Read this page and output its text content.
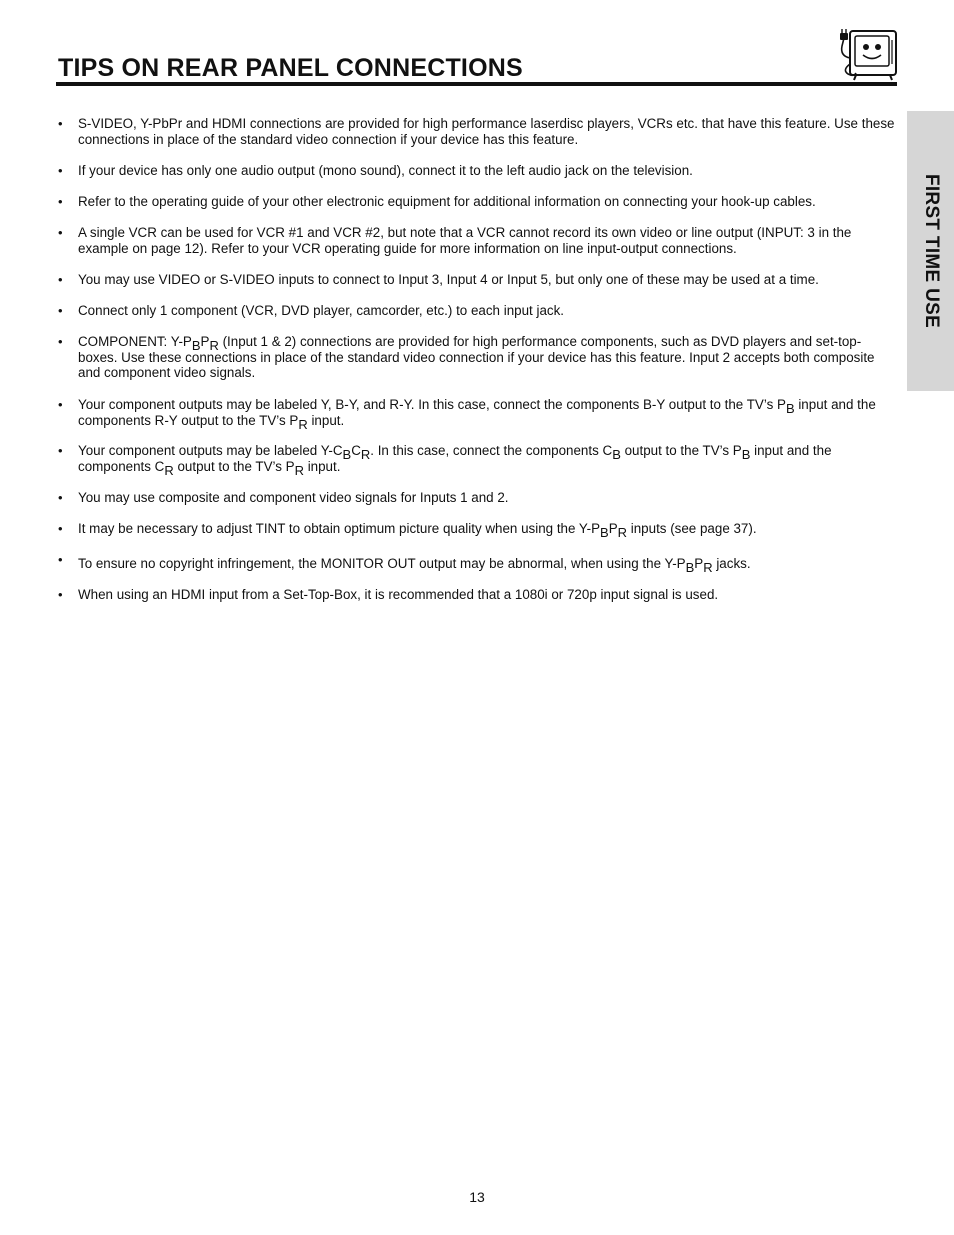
TIPS ON REAR PANEL CONNECTIONS
FIRST TIME USE
• S-VIDEO, Y-PbPr and HDMI connections are provided for high performance laserdisc players, VCRs etc. that have this feature. Use these connections in place of the standard video connection if your device has this feature.
• If your device has only one audio output (mono sound), connect it to the left audio jack on the television.
• Refer to the operating guide of your other electronic equipment for additional information on connecting your hook-up cables.
• A single VCR can be used for VCR #1 and VCR #2, but note that a VCR cannot record its own video or line output (INPUT: 3 in the example on page 12). Refer to your VCR operating guide for more information on line input-output connections.
• You may use VIDEO or S-VIDEO inputs to connect to Input 3, Input 4 or Input 5, but only one of these may be used at a time.
• Connect only 1 component (VCR, DVD player, camcorder, etc.) to each input jack.
• COMPONENT: $Y-P_BP_R$ (Input 1 & 2) connections are provided for high performance components, such as DVD players and set-top-boxes. Use these connections in place of the standard video connection if your device has this feature. Input 2 accepts both composite and component video signals.
• Your component outputs may be labeled Y, B-Y, and R-Y. In this case, connect the components B-Y output to the TV’s $P_B$ input and the components R-Y output to the TV’s $P_R$ input.
• Your component outputs may be labeled $Y-C_BC_R$. In this case, connect the components $C_B$ output to the TV’s $P_B$ input and the components $C_R$ output to the TV’s $P_R$ input.
• You may use composite and component video signals for Inputs 1 and 2.
• It may be necessary to adjust TINT to obtain optimum picture quality when using the $Y-P_BP_R$ inputs (see page 37).
• To ensure no copyright infringement, the MONITOR OUT output may be abnormal, when using the $Y-P_BP_R$ jacks.
• When using an HDMI input from a Set-Top-Box, it is recommended that a 1080i or 720p input signal is used.
13
